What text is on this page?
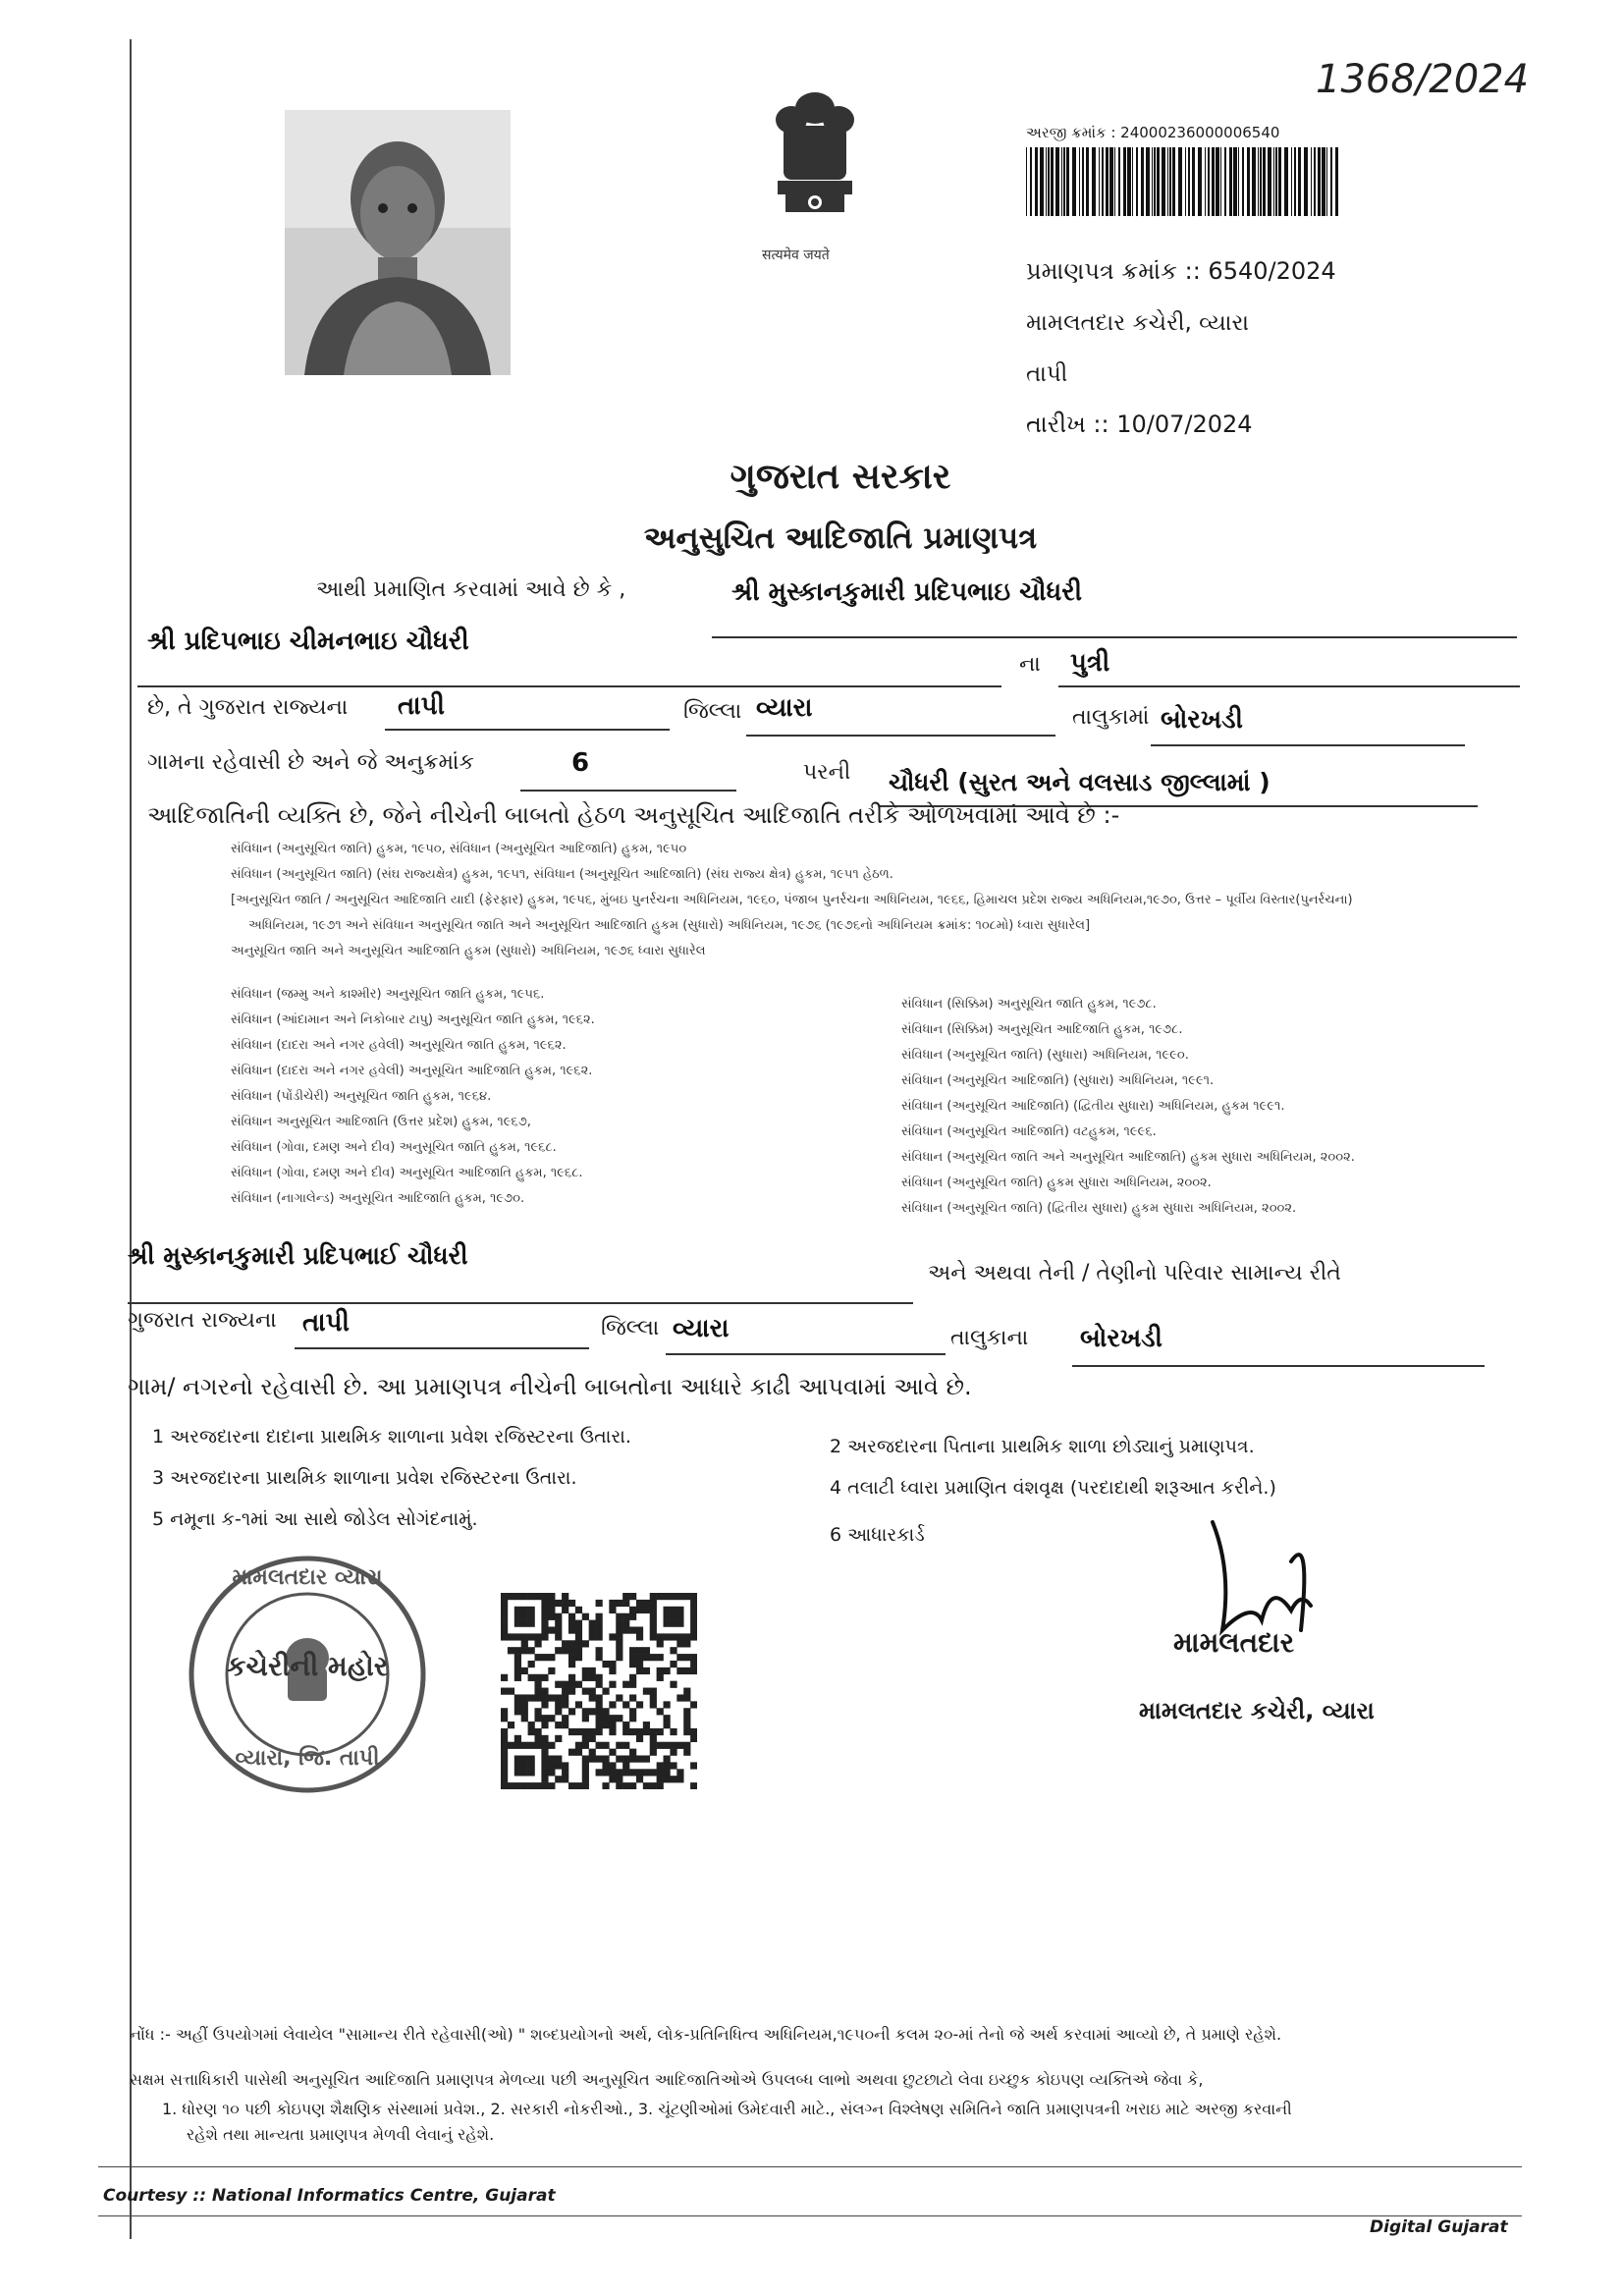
1368/2024
सत्यमेव जयते
અરજી ક્રમાંક : 24000236000006540
પ્રમાણપત્ર ક્રમાંક :: 6540/2024
મામલતદાર કચેરી, વ્યારા
તાપી
તારીખ :: 10/07/2024
ગુજરાત સરકાર
અનુસુચિત આદિજાતિ પ્રમાણપત્ર
આથી પ્રમાણિત કરવામાં આવે છે કે ,	શ્રી મુસ્કાનકુમારી પ્રદિપભાઇ ચૌધરી
શ્રી પ્રદિપભાઇ ચીમનભાઇ ચૌધરી
ના પુત્રી
છે, તે ગુજરાત રાજ્યના તાપી	જિલ્લા વ્યારા	તાલુકામાં બોરખડી
ગામના રહેવાસી છે અને જે અનુક્રમાંક	6	પરની ચૌધરી (સુરત અને વલસાડ જીલ્લામાં )
આદિજાતિની વ્યક્તિ છે, જેને નીચેની બાબતો હેઠળ અનુસૂચિત આદિજાતિ તરીકે ઓળખવામાં આવે છે :-
સંવિધાન (અનુસૂચિત જાતિ) હુકમ, ૧૯૫૦, સંવિધાન (અનુસૂચિત આદિજાતિ) હુકમ, ૧૯૫૦
સંવિધાન (અનુસૂચિત જાતિ) (સંઘ રાજ્યક્ષેત્ર) હુકમ, ૧૯૫૧, સંવિધાન (અનુસૂચિત આદિજાતિ) (સંઘ રાજ્ય ક્ષેત્ર) હુકમ, ૧૯૫૧ હેઠળ.
[અનુસૂચિત જાતિ / અનુસૂચિત આદિજાતિ યાદી (ફેરફાર) હુકમ, ૧૯૫૬, મુંબઇ પુનર્રચના અધિનિયમ, ૧૯૬૦, પંજાબ પુનર્રચના અધિનિયમ, ૧૯૬૬, હિમાચલ પ્રદેશ રાજ્ય અધિનિયમ,૧૯૭૦, ઉત્તર – પૂર્વીય વિસ્તાર(પુનર્રચના)
અધિનિયમ, ૧૯૭૧ અને સંવિધાન અનુસૂચિત જાતિ અને અનુસૂચિત આદિજાતિ હુકમ (સુધારો) અધિનિયમ, ૧૯૭૬ (૧૯૭૬નો અધિનિયમ ક્રમાંક: ૧૦૮મો) ધ્વારા સુધારેલ]
અનુસૂચિત જાતિ અને અનુસૂચિત આદિજાતિ હુકમ (સુધારો) અધિનિયમ, ૧૯૭૬ ધ્વારા સુધારેલ
સંવિધાન (જમ્મુ અને કાશ્મીર) અનુસૂચિત જાતિ હુકમ, ૧૯૫૬.
સંવિધાન (આંદામાન અને નિકોબાર ટાપુ) અનુસૂચિત જાતિ હુકમ, ૧૯૬૨.
સંવિધાન (દાદરા અને નગર હવેલી) અનુસૂચિત જાતિ હુકમ, ૧૯૬૨.
સંવિધાન (દાદરા અને નગર હવેલી) અનુસૂચિત આદિજાતિ હુકમ, ૧૯૬૨.
સંવિધાન (પોંડીચેરી) અનુસૂચિત જાતિ હુકમ, ૧૯૬૪.
સંવિધાન અનુસૂચિત આદિજાતિ (ઉત્તર પ્રદેશ) હુકમ, ૧૯૬૭,
સંવિધાન (ગોવા, દમણ અને દીવ) અનુસૂચિત જાતિ હુકમ, ૧૯૬૮.
સંવિધાન (ગોવા, દમણ અને દીવ) અનુસૂચિત આદિજાતિ હુકમ, ૧૯૬૮.
સંવિધાન (નાગાલેન્ડ) અનુસૂચિત આદિજાતિ હુકમ, ૧૯૭૦.
સંવિધાન (સિક્કિમ) અનુસૂચિત જાતિ હુકમ, ૧૯૭૮.
સંવિધાન (સિક્કિમ) અનુસૂચિત આદિજાતિ હુકમ, ૧૯૭૮.
સંવિધાન (અનુસૂચિત જાતિ) (સુધારા) અધિનિયમ, ૧૯૯૦.
સંવિધાન (અનુસૂચિત આદિજાતિ) (સુધારા) અધિનિયમ, ૧૯૯૧.
સંવિધાન (અનુસૂચિત આદિજાતિ) (દ્વિતીય સુધારા) અધિનિયમ, હુકમ ૧૯૯૧.
સંવિધાન (અનુસૂચિત આદિજાતિ) વટહુકમ, ૧૯૯૬.
સંવિધાન (અનુસૂચિત જાતિ અને અનુસૂચિત આદિજાતિ) હુકમ સુધારા અધિનિયમ, ૨૦૦૨.
સંવિધાન (અનુસૂચિત જાતિ) હુકમ સુધારા અધિનિયમ, ૨૦૦૨.
સંવિધાન (અનુસૂચિત જાતિ) (દ્વિતીય સુધારા) હુકમ સુધારા અધિનિયમ, ૨૦૦૨.
શ્રી મુસ્કાનકુમારી પ્રદિપભાઈ ચૌધરી
અને અથવા તેની / તેણીનો પરિવાર સામાન્ય રીતે
ગુજરાત રાજ્યના તાપી	જિલ્લા વ્યારા	તાલુકાના બોરખડી
ગામ/ નગરનો રહેવાસી છે. આ પ્રમાણપત્ર નીચેની બાબતોના આધારે કાઢી આપવામાં આવે છે.
1 અરજદારના દાદાના પ્રાથમિક શાળાના પ્રવેશ રજિસ્ટરના ઉતારા.	2 અરજદારના પિતાના પ્રાથમિક શાળા છોડ્યાનું પ્રમાણપત્ર.
3 અરજદારના પ્રાથમિક શાળાના પ્રવેશ રજિસ્ટરના ઉતારા.	4 તલાટી ધ્વારા પ્રમાણિત વંશવૃક્ષ (પરદાદાથી શરૂઆત કરીને.)
5 નમૂના ક-૧માં આ સાથે જોડેલ સોગંદનામું.
6 આધારકાર્ડ
મામલતદાર વ્યારા
કચેરીની મહોર
વ્યારા, જિ. તાપી
મામલતદાર
મામલતદાર કચેરી, વ્યારા
નોંધ :- અહીં ઉપયોગમાં લેવાયેલ "સામાન્ય રીતે રહેવાસી(ઓ) " શબ્દપ્રયોગનો અર્થ, લોક-પ્રતિનિધિત્વ અધિનિયમ,૧૯૫૦ની કલમ ૨૦-માં તેનો જે અર્થ કરવામાં આવ્યો છે, તે પ્રમાણે રહેશે.
સક્ષમ સત્તાધિકારી પાસેથી અનુસૂચિત આદિજાતિ પ્રમાણપત્ર મેળવ્યા પછી અનુસૂચિત આદિજાતિઓએ ઉપલબ્ધ લાભો અથવા છુટછાટો લેવા ઇચ્છુક કોઇપણ વ્યક્તિએ જેવા કે,
1. ધોરણ ૧૦ પછી કોઇપણ શૈક્ષણિક સંસ્થામાં પ્રવેશ., 2. સરકારી નોકરીઓ., 3. ચૂંટણીઓમાં ઉમેદવારી માટે., સંલગ્ન વિશ્લેષણ સમિતિને જાતિ પ્રમાણપત્રની ખરાઇ માટે અરજી કરવાની
રહેશે તથા માન્યતા પ્રમાણપત્ર મેળવી લેવાનું રહેશે.
Courtesy :: National Informatics Centre, Gujarat
Digital Gujarat
